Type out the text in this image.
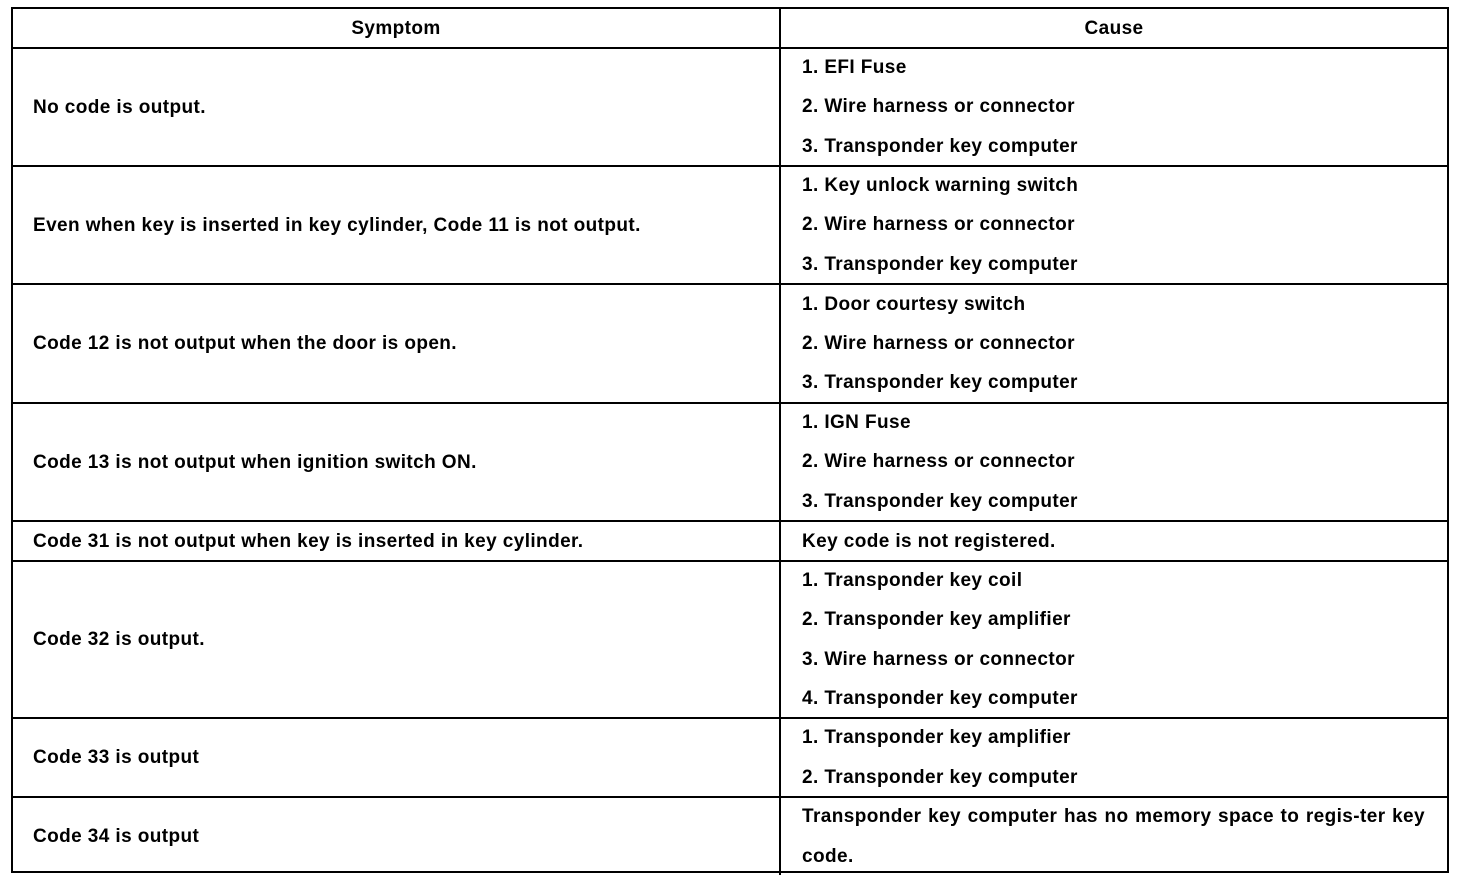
Symptom	Cause
No code is output.
1. EFI Fuse
2. Wire harness or connector
3. Transponder key computer
Even when key is inserted in key cylinder, Code 11 is not output.
1. Key unlock warning switch
2. Wire harness or connector
3. Transponder key computer
Code 12 is not output when the door is open.
1. Door courtesy switch
2. Wire harness or connector
3. Transponder key computer
Code 13 is not output when ignition switch ON.
1. IGN Fuse
2. Wire harness or connector
3. Transponder key computer
Code 31 is not output when key is inserted in key cylinder.	Key code is not registered.
Code 32 is output.
1. Transponder key coil
2. Transponder key amplifier
3. Wire harness or connector
4. Transponder key computer
Code 33 is output
1. Transponder key amplifier
2. Transponder key computer
Code 34 is output
Transponder key computer has no memory space to regis-ter key code.
